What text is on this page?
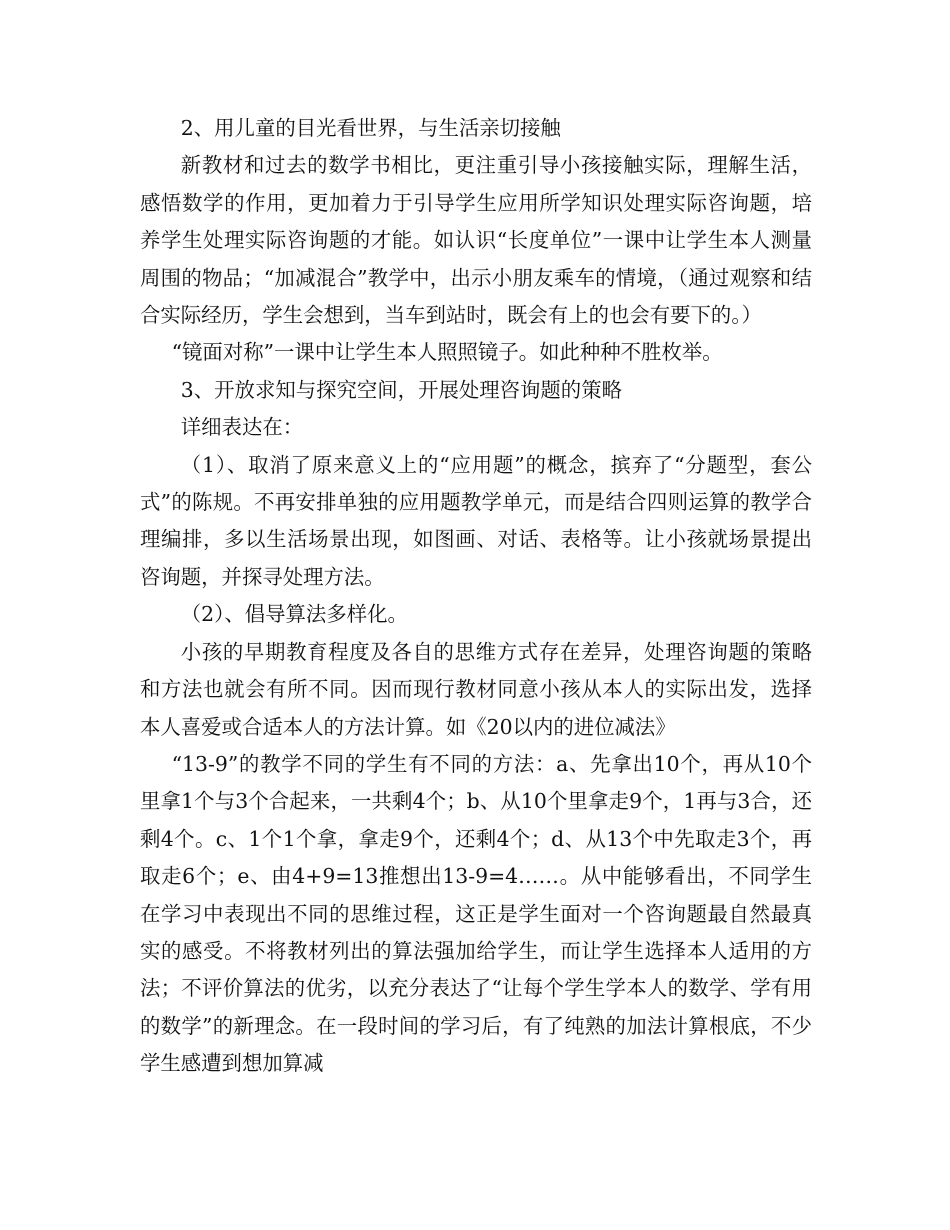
2、用儿童的目光看世界，与生活亲切接触

新教材和过去的数学书相比，更注重引导小孩接触实际，理解生活，感悟数学的作用，更加着力于引导学生应用所学知识处理实际咨询题，培养学生处理实际咨询题的才能。如认识“长度单位”一课中让学生本人测量周围的物品；“加减混合”教学中，出示小朋友乘车的情境，（通过观察和结合实际经历，学生会想到，当车到站时，既会有上的也会有要下的。）

“镜面对称”一课中让学生本人照照镜子。如此种种不胜枚举。

3、开放求知与探究空间，开展处理咨询题的策略

详细表达在：

（1）、取消了原来意义上的“应用题”的概念，摈弃了“分题型，套公式”的陈规。不再安排单独的应用题教学单元，而是结合四则运算的教学合理编排，多以生活场景出现，如图画、对话、表格等。让小孩就场景提出咨询题，并探寻处理方法。

（2）、倡导算法多样化。

小孩的早期教育程度及各自的思维方式存在差异，处理咨询题的策略和方法也就会有所不同。因而现行教材同意小孩从本人的实际出发，选择本人喜爱或合适本人的方法计算。如《20以内的进位减法》

“13-9”的教学不同的学生有不同的方法：a、先拿出10个，再从10个里拿1个与3个合起来，一共剩4个；b、从10个里拿走9个，1再与3合，还剩4个。c、1个1个拿，拿走9个，还剩4个；d、从13个中先取走3个，再取走6个；e、由4+9=13推想出13-9=4……。从中能够看出，不同学生在学习中表现出不同的思维过程，这正是学生面对一个咨询题最自然最真实的感受。不将教材列出的算法强加给学生，而让学生选择本人适用的方法；不评价算法的优劣，以充分表达了“让每个学生学本人的数学、学有用的数学”的新理念。在一段时间的学习后，有了纯熟的加法计算根底，不少学生感遭到想加算减
